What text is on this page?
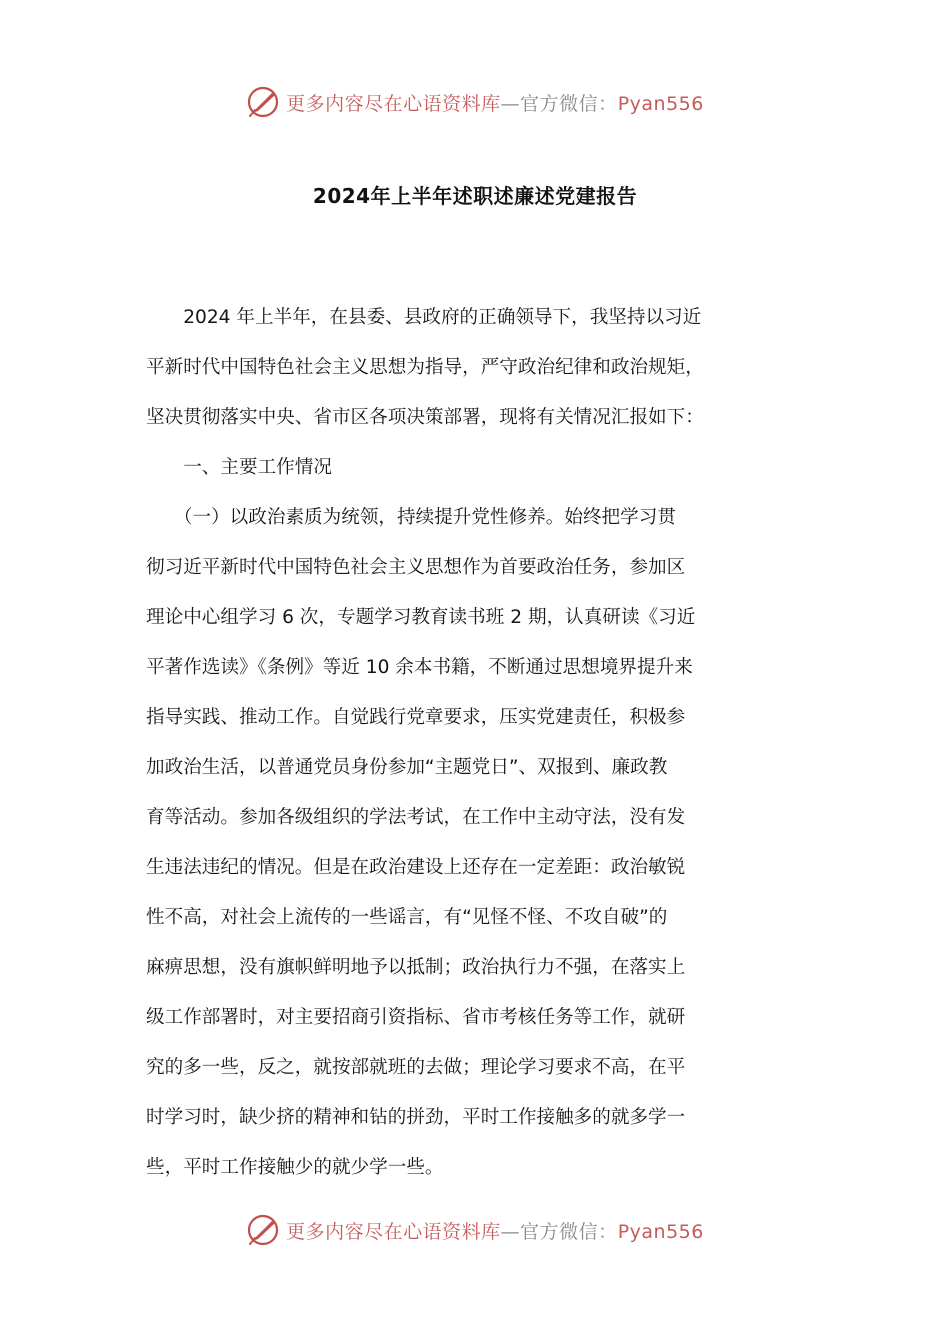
更多内容尽在心语资料库—官方微信：Pyan556
2024年上半年述职述廉述党建报告
　　2024 年上半年，在县委、县政府的正确领导下，我坚持以习近
平新时代中国特色社会主义思想为指导，严守政治纪律和政治规矩，
坚决贯彻落实中央、省市区各项决策部署，现将有关情况汇报如下：
　　一、主要工作情况
　　（一）以政治素质为统领，持续提升党性修养。始终把学习贯
彻习近平新时代中国特色社会主义思想作为首要政治任务，参加区
理论中心组学习 6 次，专题学习教育读书班 2 期，认真研读《习近
平著作选读》《条例》等近 10 余本书籍，不断通过思想境界提升来
指导实践、推动工作。自觉践行党章要求，压实党建责任，积极参
加政治生活，以普通党员身份参加“主题党日”、双报到、廉政教
育等活动。参加各级组织的学法考试，在工作中主动守法，没有发
生违法违纪的情况。但是在政治建设上还存在一定差距：政治敏锐
性不高，对社会上流传的一些谣言，有“见怪不怪、不攻自破”的
麻痹思想，没有旗帜鲜明地予以抵制；政治执行力不强，在落实上
级工作部署时，对主要招商引资指标、省市考核任务等工作，就研
究的多一些，反之，就按部就班的去做；理论学习要求不高，在平
时学习时，缺少挤的精神和钻的拼劲，平时工作接触多的就多学一
些，平时工作接触少的就少学一些。
更多内容尽在心语资料库—官方微信：Pyan556
